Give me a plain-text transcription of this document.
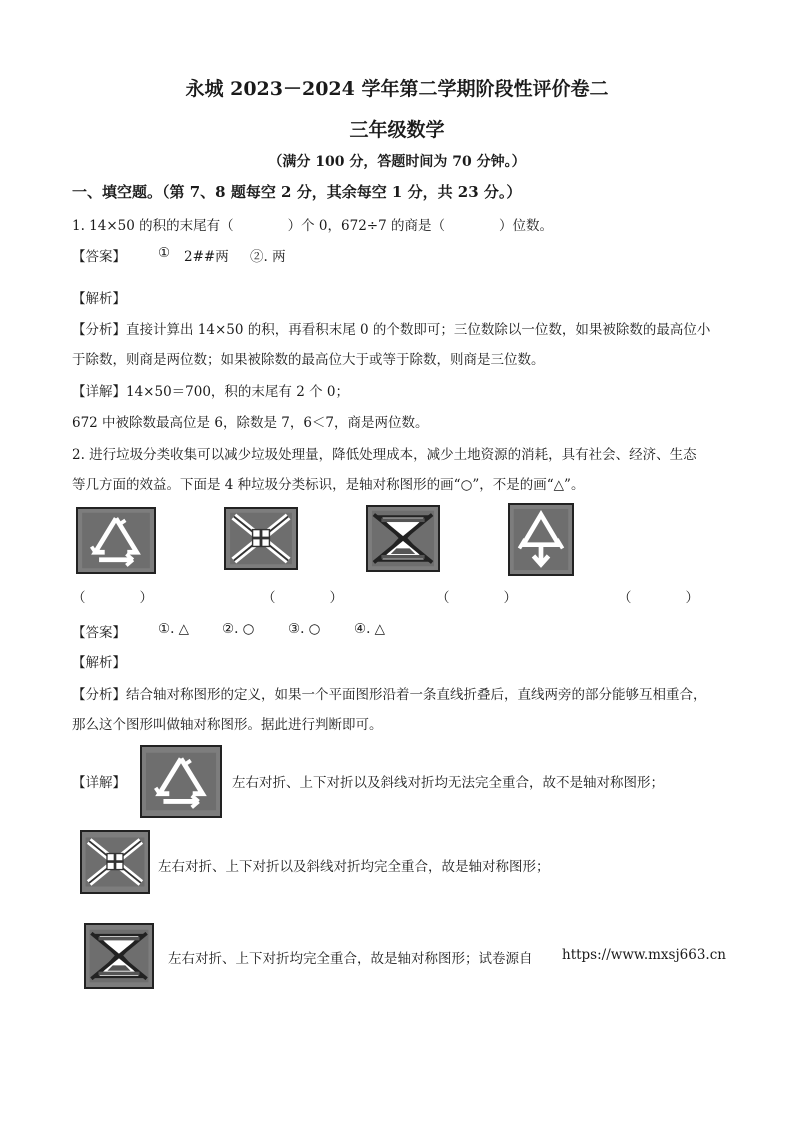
永城 2023－2024 学年第二学期阶段性评价卷二
三年级数学
（满分 100 分，答题时间为 70 分钟。）
一、填空题。（第 7、8 题每空 2 分，其余每空 1 分，共 23 分。）
1. 14×50 的积的末尾有（　　　　）个 0，672÷7 的商是（　　　　）位数。
【答案】 ① 2##两 ②. 两
【解析】
【分析】直接计算出 14×50 的积，再看积末尾 0 的个数即可；三位数除以一位数，如果被除数的最高位小
于除数，则商是两位数；如果被除数的最高位大于或等于除数，则商是三位数。
【详解】14×50＝700，积的末尾有 2 个 0；
672 中被除数最高位是 6，除数是 7，6＜7，商是两位数。
2. 进行垃圾分类收集可以减少垃圾处理量，降低处理成本，减少土地资源的消耗，具有社会、经济、生态
等几方面的效益。下面是 4 种垃圾分类标识，是轴对称图形的画“○”，不是的画“△”。
（　　　　）	（　　　　）	（　　　　）	（　　　　）
【答案】 ①. △ ②. ○ ③. ○ ④. △
【解析】
【分析】结合轴对称图形的定义，如果一个平面图形沿着一条直线折叠后，直线两旁的部分能够互相重合，
那么这个图形叫做轴对称图形。据此进行判断即可。
【详解】	左右对折、上下对折以及斜线对折均无法完全重合，故不是轴对称图形；
左右对折、上下对折以及斜线对折均完全重合，故是轴对称图形；
左右对折、上下对折均完全重合，故是轴对称图形；试卷源自 https://www.mxsj663.cn
